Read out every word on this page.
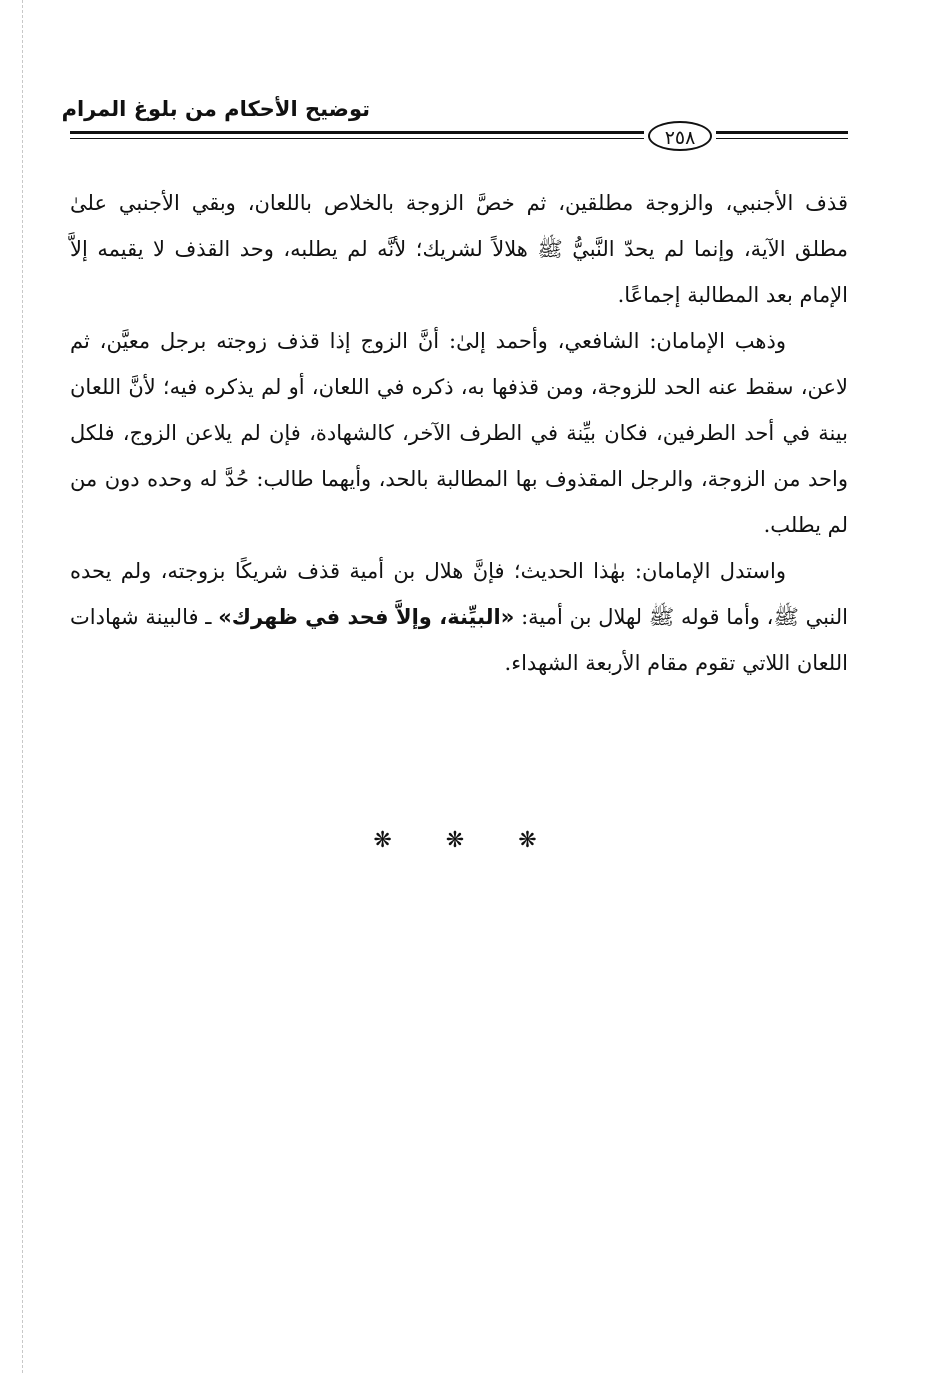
توضيح الأحكام من بلوغ المرام
٢٥٨

قذف الأجنبي، والزوجة مطلقين، ثم خصَّ الزوجة بالخلاص باللعان، وبقي الأجنبي علىٰ مطلق الآية، وإنما لم يحدّ النَّبيُّ ﷺ هلالاً لشريك؛ لأنَّه لم يطلبه، وحد القذف لا يقيمه إلاَّ الإمام بعد المطالبة إجماعًا.

وذهب الإمامان: الشافعي، وأحمد إلىٰ: أنَّ الزوج إذا قذف زوجته برجل معيَّن، ثم لاعن، سقط عنه الحد للزوجة، ومن قذفها به، ذكره في اللعان، أو لم يذكره فيه؛ لأنَّ اللعان بينة في أحد الطرفين، فكان بيِّنة في الطرف الآخر، كالشهادة، فإن لم يلاعن الزوج، فلكل واحد من الزوجة، والرجل المقذوف بها المطالبة بالحد، وأيهما طالب: حُدَّ له وحده دون من لم يطلب.

واستدل الإمامان: بهٰذا الحديث؛ فإنَّ هلال بن أمية قذف شريكًا بزوجته، ولم يحده النبي ﷺ، وأما قوله ﷺ لهلال بن أمية: «البيِّنة، وإلاَّ فحد في ظهرك» ـ فالبينة شهادات اللعان اللاتي تقوم مقام الأربعة الشهداء.

❋ ❋ ❋
